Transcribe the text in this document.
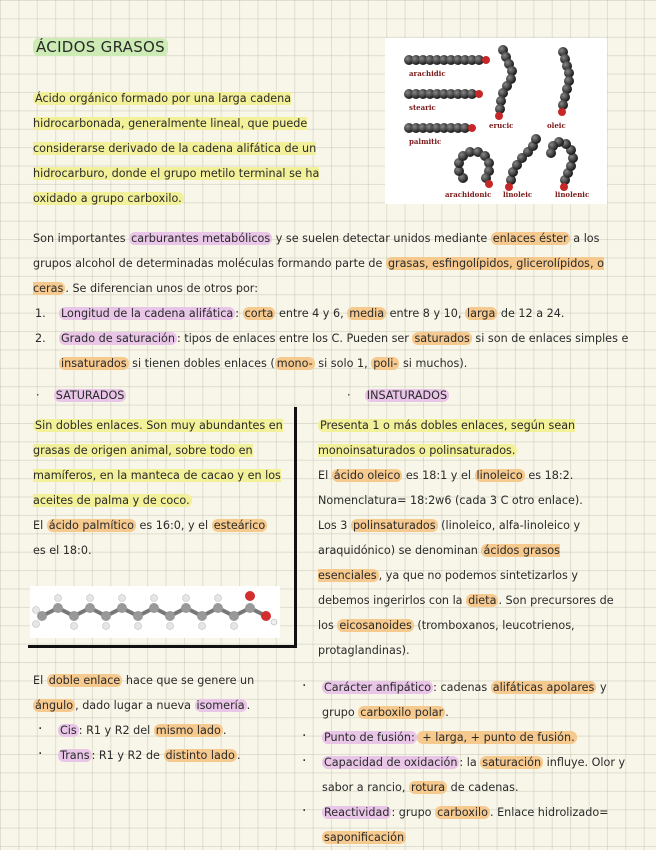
ÁCIDOS GRASOS
Ácido orgánico formado por una larga cadena hidrocarbonada, generalmente lineal, que puede considerarse derivado de la cadena alifática de un hidrocarburo, donde el grupo metilo terminal se ha oxidado a grupo carboxilo.
arachidic
stearic
palmitic
erucic	oleic
arachidonic linoleic	linolenic
Son importantes carburantes metabólicos y se suelen detectar unidos mediante enlaces éster a los grupos alcohol de determinadas moléculas formando parte de grasas, esfingolípidos, glicerolípidos, o ceras . Se diferencian unos de otros por:
1. Longitud de la cadena alifática : corta entre 4 y 6, media entre 8 y 10, larga de 12 a 24.
2. Grado de saturación : tipos de enlaces entre los C. Pueden ser saturados si son de enlaces simples e insaturados si tienen dobles enlaces ( mono- si solo 1, poli- si muchos).
· SATURADOS
Sin dobles enlaces. Son muy abundantes en grasas de origen animal, sobre todo en mamíferos, en la manteca de cacao y en los aceites de palma y de coco.
El ácido palmítico es 16:0, y el esteárico es el 18:0.
· INSATURADOS
Presenta 1 o más dobles enlaces, según sean monoinsaturados o polinsaturados.
El ácido oleico es 18:1 y el linoleico es 18:2.
Nomenclatura= 18:2w6 (cada 3 C otro enlace).
Los 3 polinsaturados (linoleico, alfa-linoleico y araquidónico) se denominan ácidos grasos esenciales , ya que no podemos sintetizarlos y debemos ingerirlos con la dieta . Son precursores de los eicosanoides (tromboxanos, leucotrienos, protaglandinas).
El doble enlace hace que se genere un ángulo , dado lugar a nueva isomería .
· Cis : R1 y R2 del mismo lado .
· Trans : R1 y R2 de distinto lado .
· Carácter anfipático : cadenas alifáticas apolares y grupo carboxilo polar .
· Punto de fusión: + larga, + punto de fusión.
· Capacidad de oxidación : la saturación influye. Olor y sabor a rancio, rotura de cadenas.
· Reactividad : grupo carboxilo . Enlace hidrolizado= saponificación
